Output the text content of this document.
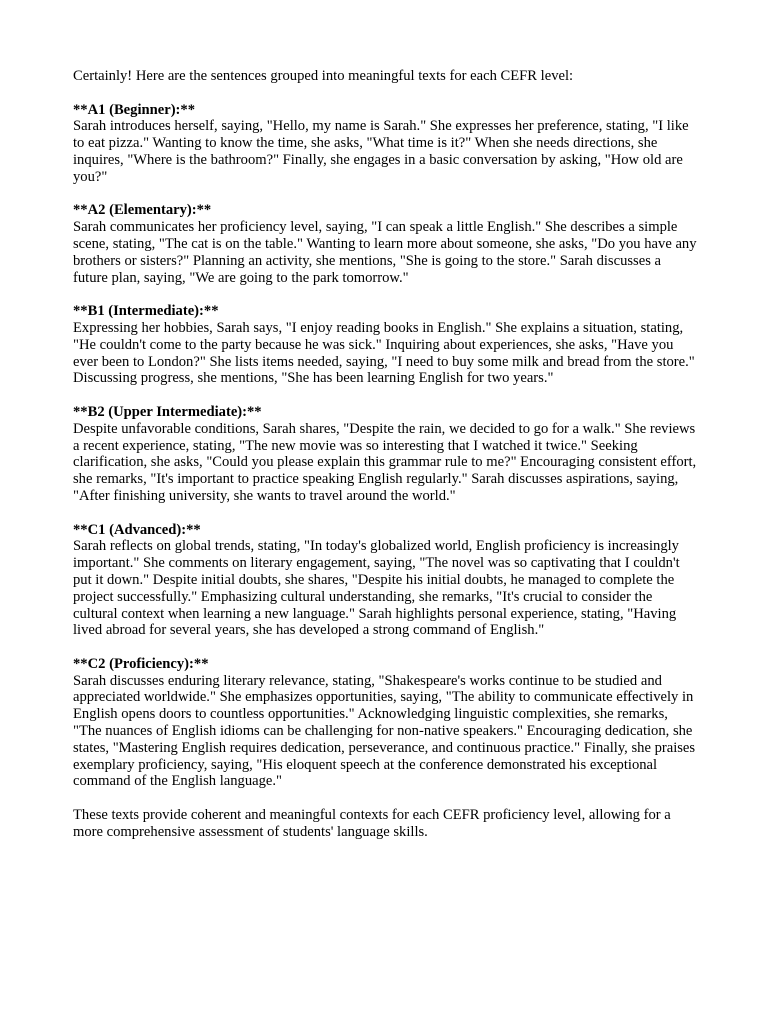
Certainly! Here are the sentences grouped into meaningful texts for each CEFR level:

**A1 (Beginner):**
Sarah introduces herself, saying, "Hello, my name is Sarah." She expresses her preference, stating, "I like to eat pizza." Wanting to know the time, she asks, "What time is it?" When she needs directions, she inquires, "Where is the bathroom?" Finally, she engages in a basic conversation by asking, "How old are you?"
**A2 (Elementary):**
Sarah communicates her proficiency level, saying, "I can speak a little English." She describes a simple scene, stating, "The cat is on the table." Wanting to learn more about someone, she asks, "Do you have any brothers or sisters?" Planning an activity, she mentions, "She is going to the store." Sarah discusses a future plan, saying, "We are going to the park tomorrow."
**B1 (Intermediate):**
Expressing her hobbies, Sarah says, "I enjoy reading books in English." She explains a situation, stating, "He couldn't come to the party because he was sick." Inquiring about experiences, she asks, "Have you ever been to London?" She lists items needed, saying, "I need to buy some milk and bread from the store." Discussing progress, she mentions, "She has been learning English for two years."
**B2 (Upper Intermediate):**
Despite unfavorable conditions, Sarah shares, "Despite the rain, we decided to go for a walk." She reviews a recent experience, stating, "The new movie was so interesting that I watched it twice." Seeking clarification, she asks, "Could you please explain this grammar rule to me?" Encouraging consistent effort, she remarks, "It's important to practice speaking English regularly." Sarah discusses aspirations, saying, "After finishing university, she wants to travel around the world."
**C1 (Advanced):**
Sarah reflects on global trends, stating, "In today's globalized world, English proficiency is increasingly important." She comments on literary engagement, saying, "The novel was so captivating that I couldn't put it down." Despite initial doubts, she shares, "Despite his initial doubts, he managed to complete the project successfully." Emphasizing cultural understanding, she remarks, "It's crucial to consider the cultural context when learning a new language." Sarah highlights personal experience, stating, "Having lived abroad for several years, she has developed a strong command of English."
**C2 (Proficiency):**
Sarah discusses enduring literary relevance, stating, "Shakespeare's works continue to be studied and appreciated worldwide." She emphasizes opportunities, saying, "The ability to communicate effectively in English opens doors to countless opportunities." Acknowledging linguistic complexities, she remarks, "The nuances of English idioms can be challenging for non-native speakers." Encouraging dedication, she states, "Mastering English requires dedication, perseverance, and continuous practice." Finally, she praises exemplary proficiency, saying, "His eloquent speech at the conference demonstrated his exceptional command of the English language."

These texts provide coherent and meaningful contexts for each CEFR proficiency level, allowing for a more comprehensive assessment of students' language skills.
